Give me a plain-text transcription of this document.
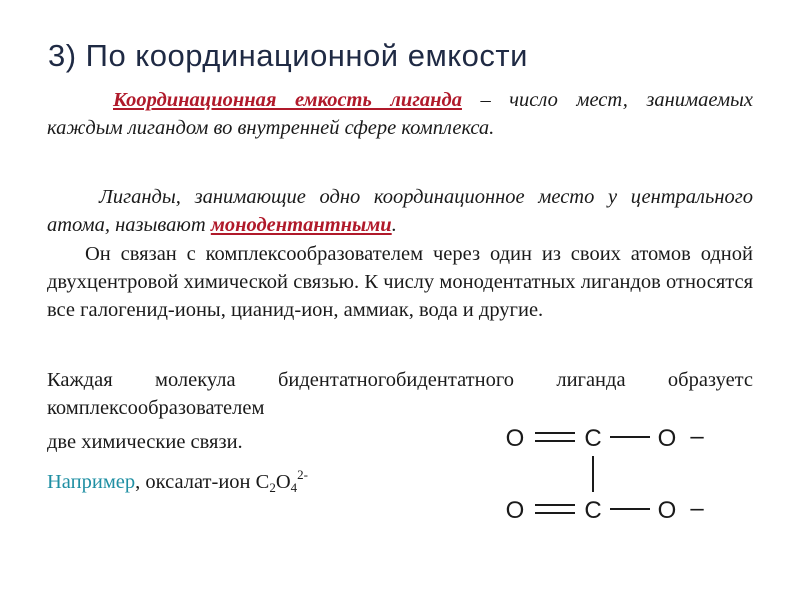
3) По координационной емкости
Координационная емкость лиганда – число мест, занимаемых каждым лигандом во внутренней сфере комплекса.
Лиганды, занимающие одно координационное место у центрального атома, называют монодентантными.
Он связан с комплексообразователем через один из своих атомов одной двухцентровой химической связью. К числу монодентатных лигандов относятся все галогенид-ионы, цианид-ион, аммиак, вода и другие.
Каждая молекула бидентатногобидентатного лиганда образуетс комплексообразователем
две химические связи.
Например, оксалат-ион $C2O4^{2-}$
O C O –
O C O –
